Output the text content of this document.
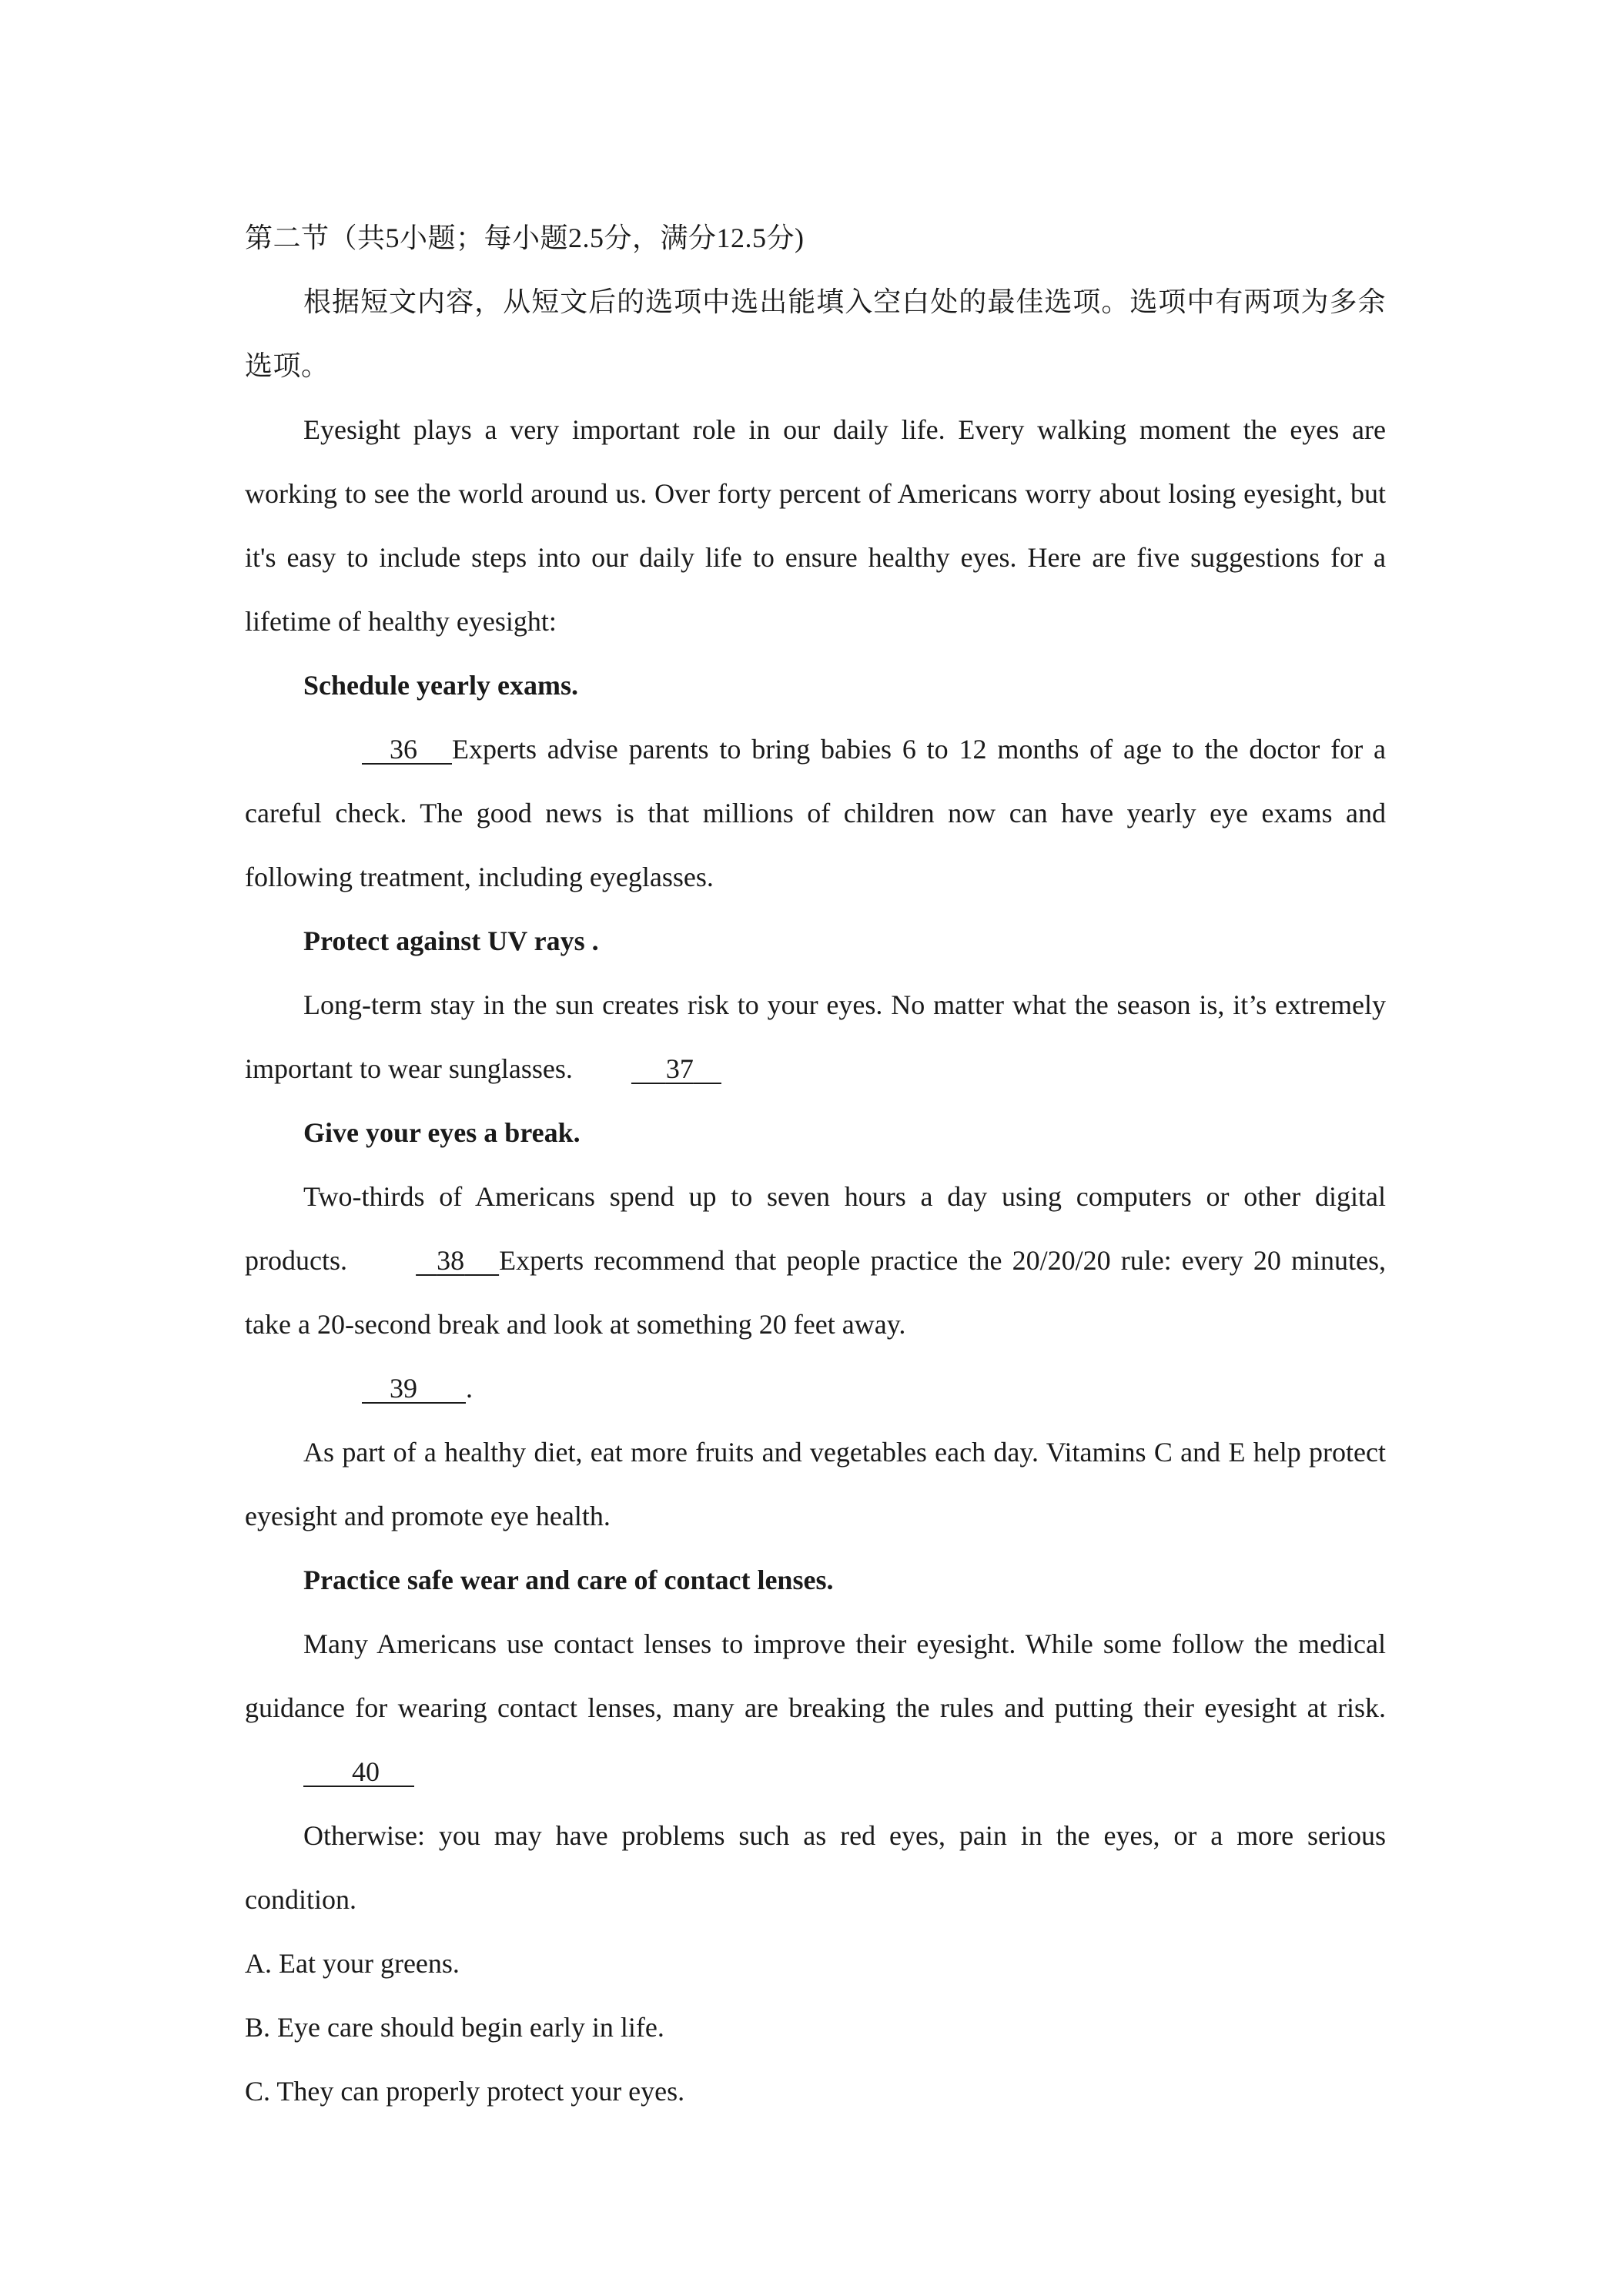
第二节（共5小题；每小题2.5分，满分12.5分)

根据短文内容，从短文后的选项中选出能填入空白处的最佳选项。选项中有两项为多余选项。

Eyesight plays a very important role in our daily life. Every walking moment the eyes are working to see the world around us. Over forty percent of Americans worry about losing eyesight, but it's easy to include steps into our daily life to ensure healthy eyes. Here are five suggestions for a lifetime of healthy eyesight:

Schedule yearly exams.

36 Experts advise parents to bring babies 6 to 12 months of age to the doctor for a careful check. The good news is that millions of children now can have yearly eye exams and following treatment, including eyeglasses.

Protect against UV rays .

Long-term stay in the sun creates risk to your eyes. No matter what the season is, it’s extremely important to wear sunglasses.	37

Give your eyes a break.

Two-thirds of Americans spend up to seven hours a day using computers or other digital products.	38 Experts recommend that people practice the 20/20/20 rule: every 20 minutes, take a 20-second break and look at something 20 feet away.

39 .

As part of a healthy diet, eat more fruits and vegetables each day. Vitamins C and E help protect eyesight and promote eye health.

Practice safe wear and care of contact lenses.

Many Americans use contact lenses to improve their eyesight. While some follow the medical guidance for wearing contact lenses, many are breaking the rules and putting their eyesight at risk.        40

Otherwise: you may have problems such as red eyes, pain in the eyes, or a more serious condition.

A. Eat your greens.

B. Eye care should begin early in life.

C. They can properly protect your eyes.
